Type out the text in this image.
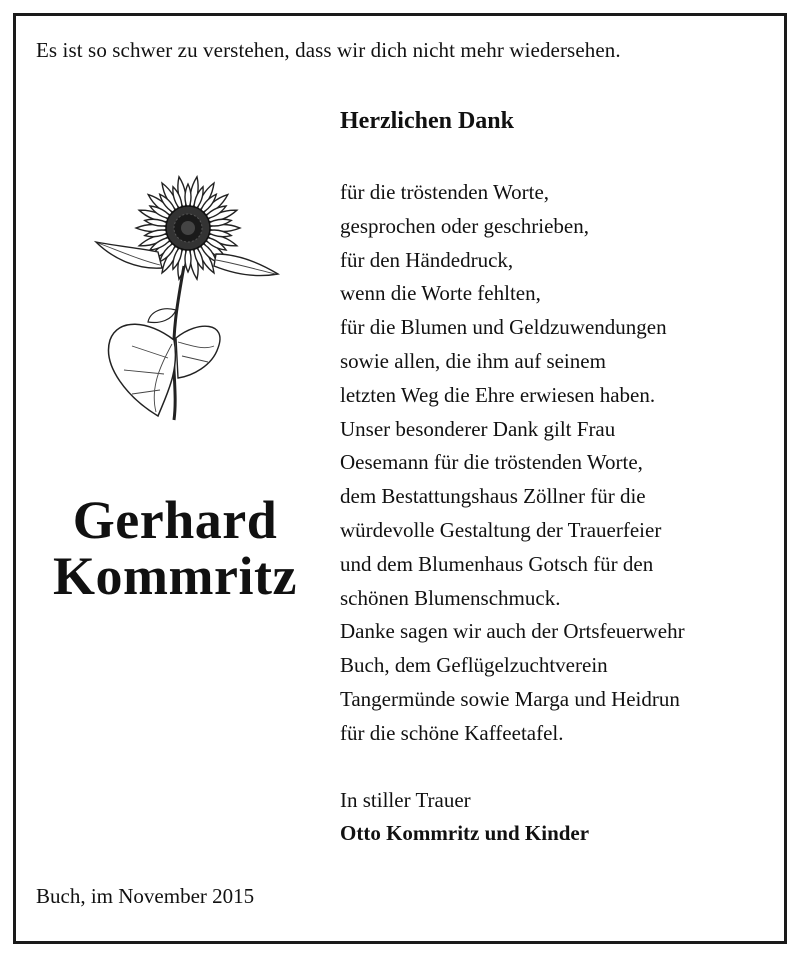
Es ist so schwer zu verstehen, dass wir dich nicht mehr wiedersehen.
Herzlichen Dank
für die tröstenden Worte,
gesprochen oder geschrieben,
für den Händedruck,
wenn die Worte fehlten,
für die Blumen und Geldzuwendungen
sowie allen, die ihm auf seinem
letzten Weg die Ehre erwiesen haben.
Unser besonderer Dank gilt Frau
Oesemann für die tröstenden Worte,
dem Bestattungshaus Zöllner für die
würdevolle Gestaltung der Trauerfeier
und dem Blumenhaus Gotsch für den
schönen Blumenschmuck.
Danke sagen wir auch der Ortsfeuerwehr
Buch, dem Geflügelzuchtverein
Tangermünde sowie Marga und Heidrun
für die schöne Kaffeetafel.
In stiller Trauer
Otto Kommritz und Kinder
Gerhard
Kommritz
Buch, im November 2015
